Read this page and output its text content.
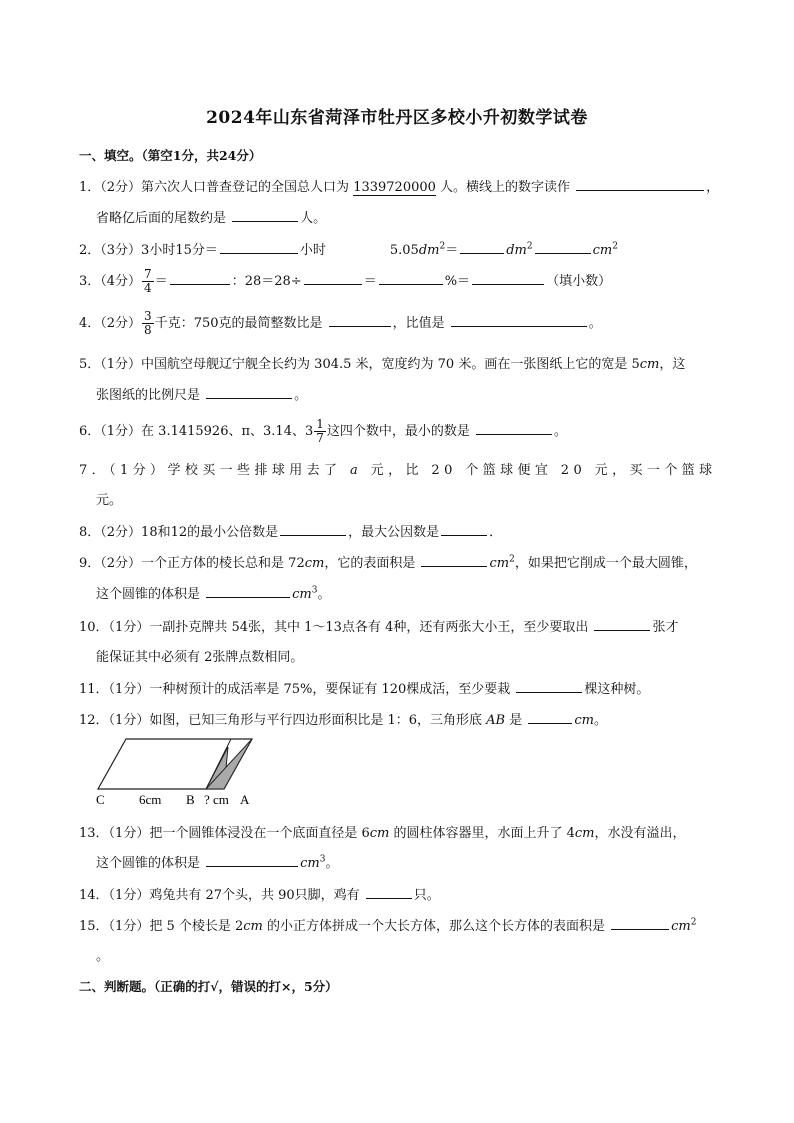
2024年山东省菏泽市牡丹区多校小升初数学试卷
一、填空。（第空1分，共24分）
1．（2分）第六次人口普查登记的全国总人口为 1339720000 人。横线上的数字读作	，
省略亿后面的尾数约是	人。
2．（3分）3小时15分＝	小时	$5.05dm^2=$	$dm^2$	$cm^2$
3．（4分） $\frac{7}{4}$ ＝	：28＝28÷	＝	%＝	（填小数）
4．（2分） $\frac{3}{8}$ 千克：750克的最简整数比是	，比值是	。
5．（1分）中国航空母舰辽宁舰全长约为 304.5 米，宽度约为 70 米。画在一张图纸上它的宽是 5cm，这
张图纸的比例尺是	。
6．（1分）在 3.1415926、π、3.14、$3 \frac{1}{7}$ 这四个数中，最小的数是	。
7．（1分）学校买一些排球用去了 a 元，比 20 个篮球便宜 20 元，买一个篮球
元。
8．（2分）18和12的最小公倍数是	，最大公因数是	．
9．（2分）一个正方体的棱长总和是 72cm，它的表面积是	$cm^2$，如果把它削成一个最大圆锥，
这个圆锥的体积是	$cm^3$。
10．（1分）一副扑克牌共 54张，其中 1～13点各有 4种，还有两张大小王，至少要取出	张才
能保证其中必须有 2张牌点数相同。
11．（1分）一种树预计的成活率是 75%，要保证有 120棵成活，至少要栽	棵这种树。
12．（1分）如图，已知三角形与平行四边形面积比是 1：6，三角形底 AB 是	cm。
C	6cm B ? cm A
13．（1分）把一个圆锥体浸没在一个底面直径是 6cm 的圆柱体容器里，水面上升了 4cm，水没有溢出，
这个圆锥的体积是	$cm^3$。
14．（1分）鸡兔共有 27个头，共 90只脚，鸡有	只。
15．（1分）把 5 个棱长是 2cm 的小正方体拼成一个大长方体，那么这个长方体的表面积是	$cm^2$
。
二、判断题。（正确的打√，错误的打×，5分）
